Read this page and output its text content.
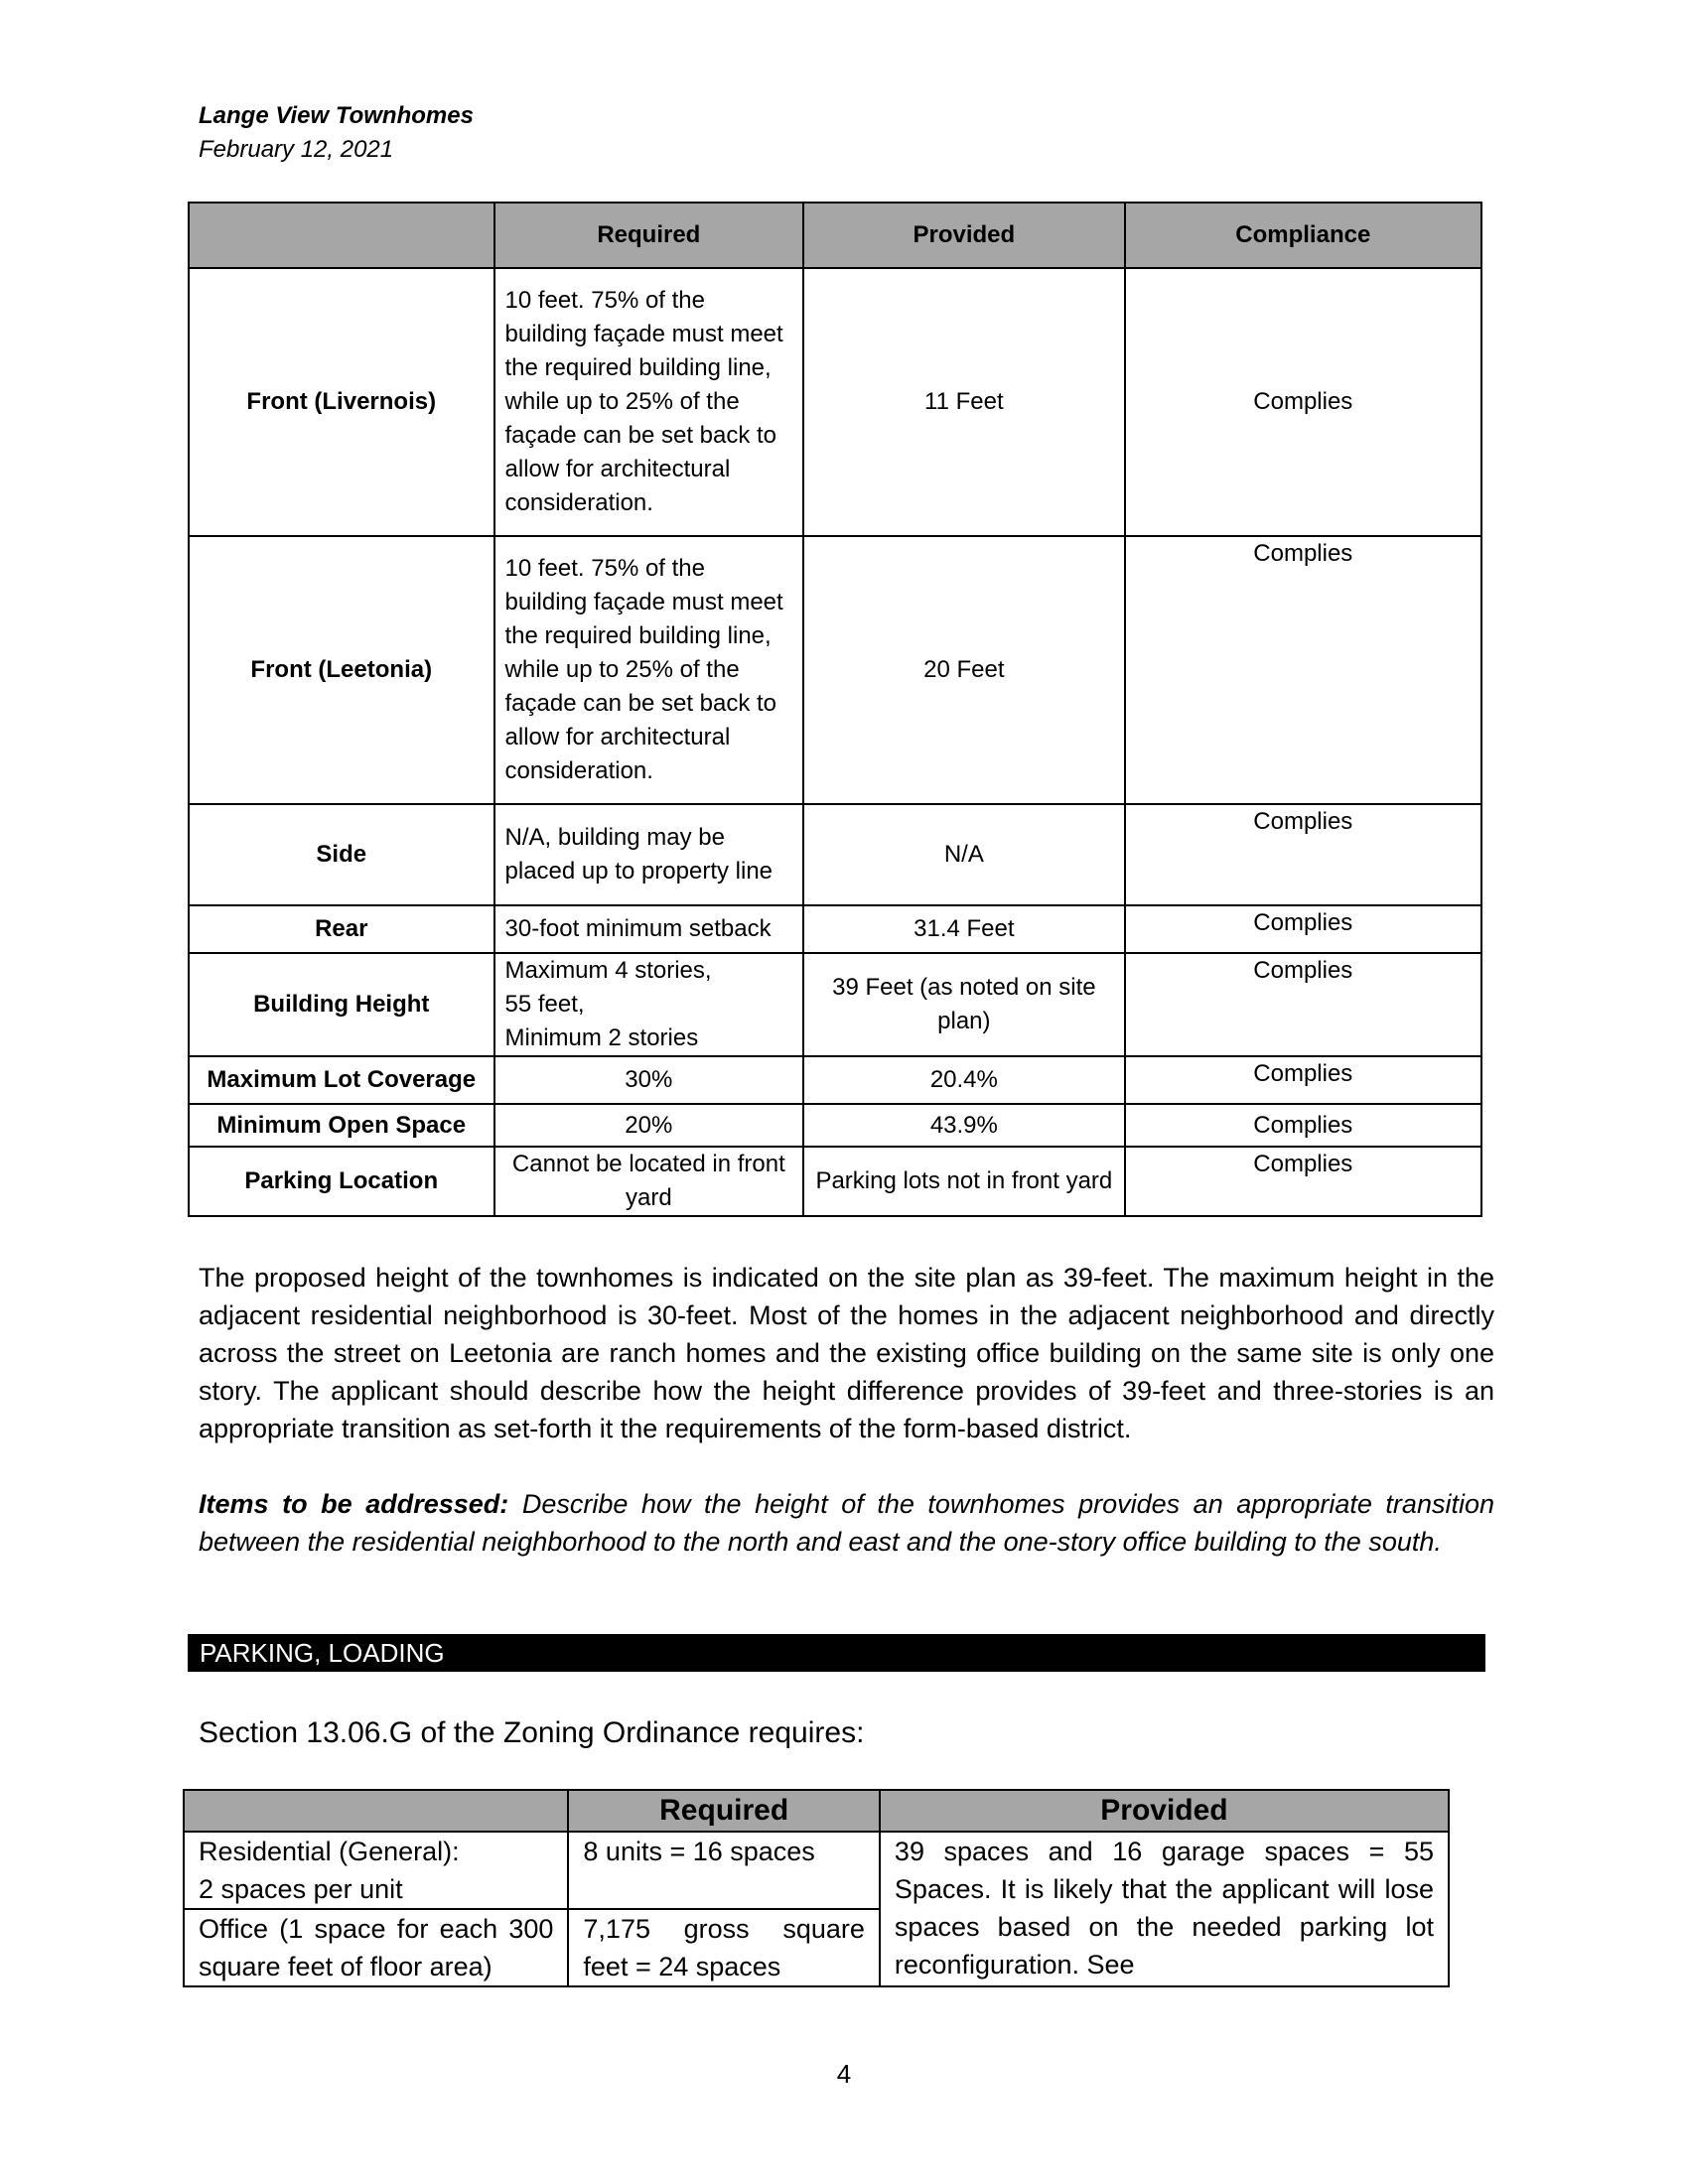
Lange View Townhomes
February 12, 2021
	Required	Provided	Compliance
Front (Livernois)	10 feet. 75% of the building façade must meet the required building line, while up to 25% of the façade can be set back to allow for architectural consideration.	11 Feet	Complies
Front (Leetonia)	10 feet. 75% of the building façade must meet the required building line, while up to 25% of the façade can be set back to allow for architectural consideration.	20 Feet	Complies
Side	N/A, building may be placed up to property line	N/A	Complies
Rear	30-foot minimum setback	31.4 Feet	Complies
Building Height	Maximum 4 stories,
55 feet,
Minimum 2 stories	39 Feet (as noted on site plan)	Complies
Maximum Lot Coverage	30%	20.4%	Complies
Minimum Open Space	20%	43.9%	Complies
Parking Location	Cannot be located in front yard	Parking lots not in front yard	Complies

The proposed height of the townhomes is indicated on the site plan as 39-feet. The maximum height in the adjacent residential neighborhood is 30-feet. Most of the homes in the adjacent neighborhood and directly across the street on Leetonia are ranch homes and the existing office building on the same site is only one story. The applicant should describe how the height difference provides of 39-feet and three-stories is an appropriate transition as set-forth it the requirements of the form-based district.

Items to be addressed: Describe how the height of the townhomes provides an appropriate transition between the residential neighborhood to the north and east and the one-story office building to the south.

PARKING, LOADING
Section 13.06.G of the Zoning Ordinance requires:
	Required	Provided

Residential (General):
2 spaces per unit	8 units = 16 spaces	39 spaces and 16 garage spaces = 55 Spaces. It is likely that the applicant will lose spaces based on the needed parking lot reconfiguration. See
Office (1 space for each 300 square feet of floor area)	7,175 gross square feet = 24 spaces	
4
